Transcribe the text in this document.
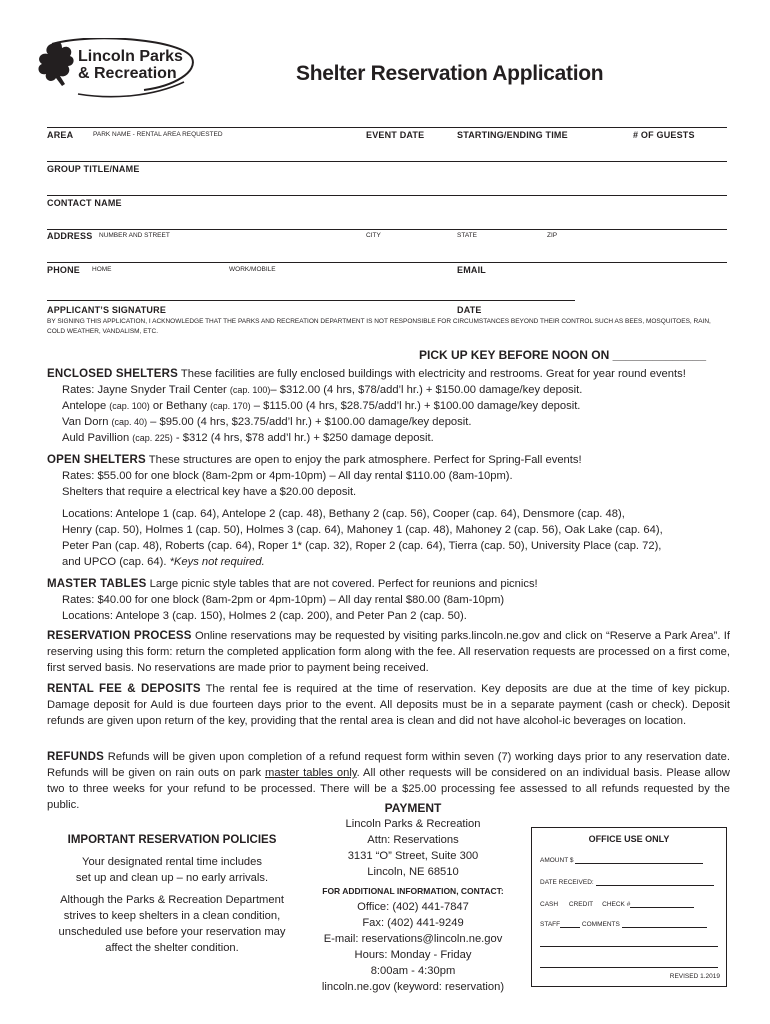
Lincoln Parks
& Recreation	Shelter Reservation Application
AREA	PARK NAME - RENTAL AREA REQUESTED	EVENT DATE	STARTING/ENDING TIME	# OF GUESTS
GROUP TITLE/NAME
CONTACT NAME
ADDRESS NUMBER AND STREET	CITY	STATE	ZIP
PHONE HOME	WORK/MOBILE	EMAIL
APPLICANT’S SIGNATURE	DATE
BY SIGNING THIS APPLICATION, I ACKNOWLEDGE THAT THE PARKS AND RECREATION DEPARTMENT IS NOT RESPONSIBLE FOR CIRCUMSTANCES BEYOND THEIR CONTROL SUCH AS BEES, MOSQUITOES, RAIN, COLD WEATHER, VANDALISM, ETC.
PICK UP KEY BEFORE NOON ON ______________
ENCLOSED SHELTERS These facilities are fully enclosed buildings with electricity and restrooms. Great for year round events!
Rates: Jayne Snyder Trail Center (cap. 100)– $312.00 (4 hrs, $78/add’l hr.) + $150.00 damage/key deposit.
Antelope (cap. 100) or Bethany (cap. 170) – $115.00 (4 hrs, $28.75/add’l hr.) + $100.00 damage/key deposit.
Van Dorn (cap. 40) – $95.00 (4 hrs, $23.75/add’l hr.) + $100.00 damage/key deposit.
Auld Pavillion (cap. 225) - $312 (4 hrs, $78 add’l hr.) + $250 damage deposit.
OPEN SHELTERS These structures are open to enjoy the park atmosphere. Perfect for Spring-Fall events!
Rates: $55.00 for one block (8am-2pm or 4pm-10pm) – All day rental $110.00 (8am-10pm).
Shelters that require a electrical key have a $20.00 deposit.
Locations: Antelope 1 (cap. 64), Antelope 2 (cap. 48), Bethany 2 (cap. 56), Cooper (cap. 64), Densmore (cap. 48),
Henry (cap. 50), Holmes 1 (cap. 50), Holmes 3 (cap. 64), Mahoney 1 (cap. 48), Mahoney 2 (cap. 56), Oak Lake (cap. 64),
Peter Pan (cap. 48), Roberts (cap. 64), Roper 1* (cap. 32), Roper 2 (cap. 64), Tierra (cap. 50), University Place (cap. 72),
and UPCO (cap. 64). *Keys not required.
MASTER TABLES Large picnic style tables that are not covered. Perfect for reunions and picnics!
Rates: $40.00 for one block (8am-2pm or 4pm-10pm) – All day rental $80.00 (8am-10pm)
Locations: Antelope 3 (cap. 150), Holmes 2 (cap. 200), and Peter Pan 2 (cap. 50).
RESERVATION PROCESS Online reservations may be requested by visiting parks.lincoln.ne.gov and click on “Reserve a Park Area”. If reserving using this form: return the completed application form along with the fee. All reservation requests are processed on a first come, first served basis. No reservations are made prior to payment being received.
RENTAL FEE & DEPOSITS The rental fee is required at the time of reservation. Key deposits are due at the time of key pickup. Damage deposit for Auld is due fourteen days prior to the event. All deposits must be in a separate payment (cash or check). Deposit refunds are given upon return of the key, providing that the rental area is clean and did not have alcohol-ic beverages on location.
REFUNDS Refunds will be given upon completion of a refund request form within seven (7) working days prior to any reservation date. Refunds will be given on rain outs on park master tables only. All other requests will be considered on an individual basis. Please allow two to three weeks for your refund to be processed. There will be a $25.00 processing fee assessed to all refunds requested by the public.
IMPORTANT RESERVATION POLICIES
Your designated rental time includes
set up and clean up – no early arrivals.
Although the Parks & Recreation Department
strives to keep shelters in a clean condition,
unscheduled use before your reservation may
affect the shelter condition.
PAYMENT
Lincoln Parks & Recreation
Attn: Reservations
3131 “O” Street, Suite 300
Lincoln, NE 68510
FOR ADDITIONAL INFORMATION, CONTACT:
Office: (402) 441-7847
Fax: (402) 441-9249
E-mail: reservations@lincoln.ne.gov
Hours: Monday - Friday
8:00am - 4:30pm
lincoln.ne.gov (keyword: reservation)
OFFICE USE ONLY
AMOUNT $
DATE RECEIVED:
CASH CREDIT CHECK #
STAFF	COMMENTS
REVISED 1.2019
